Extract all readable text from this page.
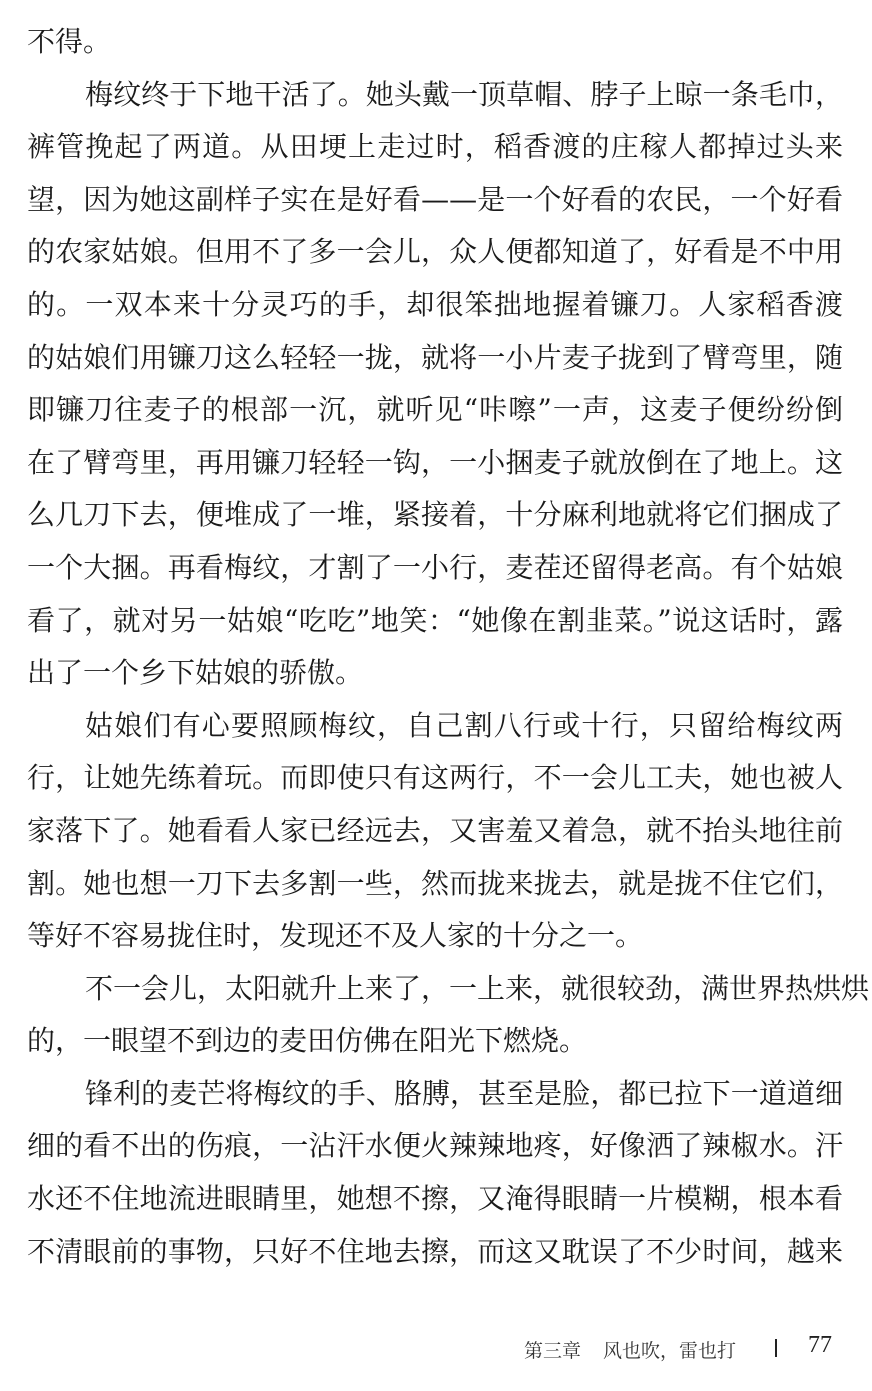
不得。
梅纹终于下地干活了。她头戴一顶草帽、脖子上晾一条毛巾，
裤管挽起了两道。从田埂上走过时，稻香渡的庄稼人都掉过头来
望，因为她这副样子实在是好看——是一个好看的农民，一个好看
的农家姑娘。但用不了多一会儿，众人便都知道了，好看是不中用
的。一双本来十分灵巧的手，却很笨拙地握着镰刀。人家稻香渡
的姑娘们用镰刀这么轻轻一拢，就将一小片麦子拢到了臂弯里，随
即镰刀往麦子的根部一沉，就听见“咔嚓”一声，这麦子便纷纷倒
在了臂弯里，再用镰刀轻轻一钩，一小捆麦子就放倒在了地上。这
么几刀下去，便堆成了一堆，紧接着，十分麻利地就将它们捆成了
一个大捆。再看梅纹，才割了一小行，麦茬还留得老高。有个姑娘
看了，就对另一姑娘“吃吃”地笑：“她像在割韭菜。”说这话时，露
出了一个乡下姑娘的骄傲。
姑娘们有心要照顾梅纹，自己割八行或十行，只留给梅纹两
行，让她先练着玩。而即使只有这两行，不一会儿工夫，她也被人
家落下了。她看看人家已经远去，又害羞又着急，就不抬头地往前
割。她也想一刀下去多割一些，然而拢来拢去，就是拢不住它们，
等好不容易拢住时，发现还不及人家的十分之一。
不一会儿，太阳就升上来了，一上来，就很较劲，满世界热烘烘
的，一眼望不到边的麦田仿佛在阳光下燃烧。
锋利的麦芒将梅纹的手、胳膊，甚至是脸，都已拉下一道道细
细的看不出的伤痕，一沾汗水便火辣辣地疼，好像洒了辣椒水。汗
水还不住地流进眼睛里，她想不擦，又淹得眼睛一片模糊，根本看
不清眼前的事物，只好不住地去擦，而这又耽误了不少时间，越来
第三章 风也吹，雷也打	77
